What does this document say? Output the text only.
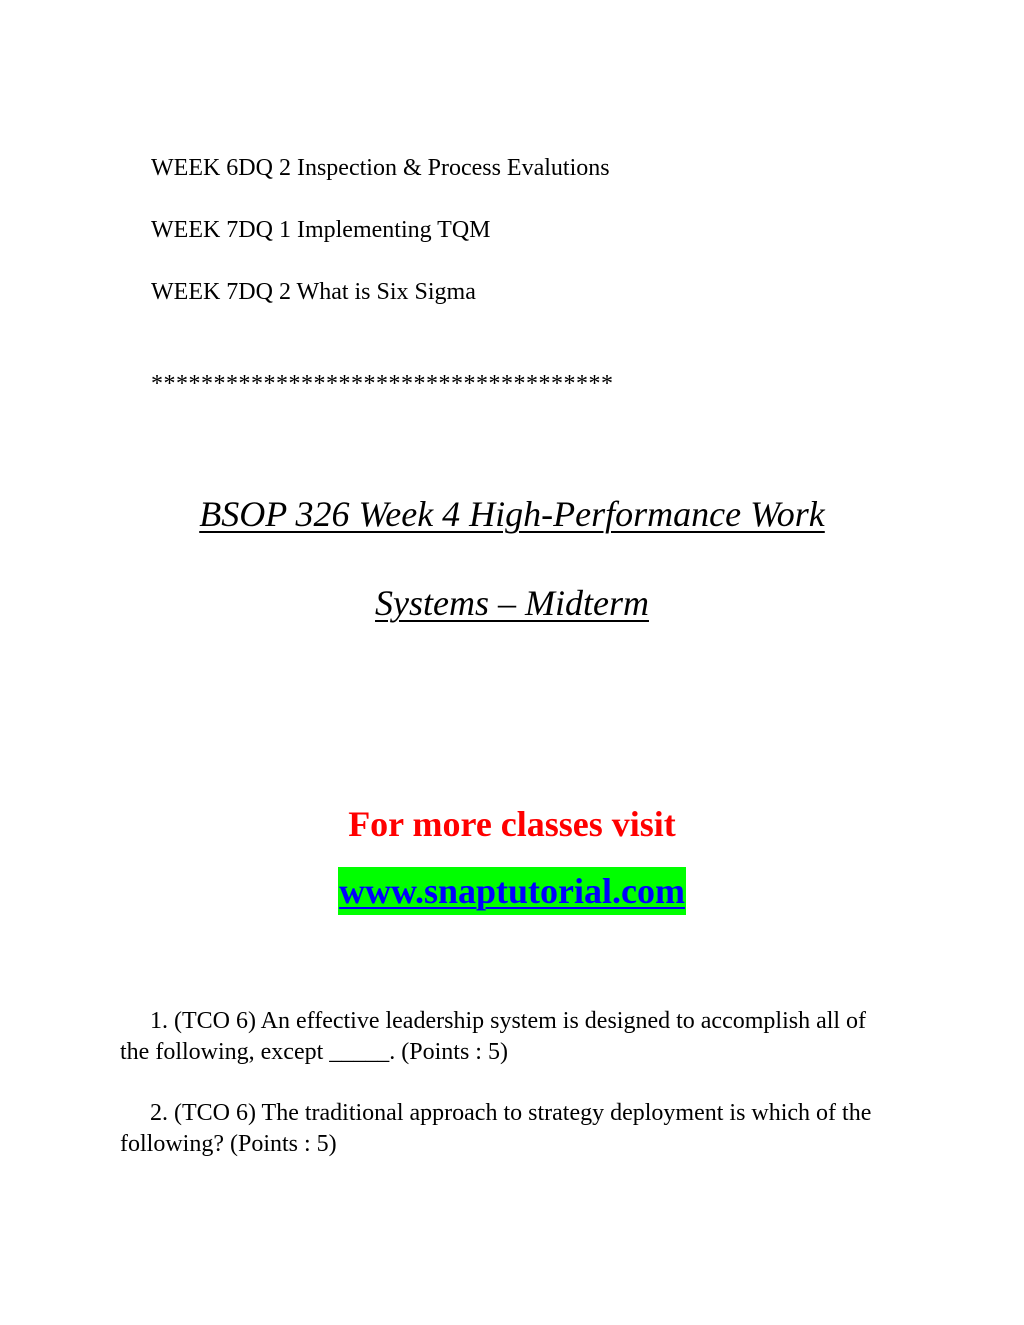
WEEK 6DQ 2 Inspection & Process Evalutions
WEEK 7DQ 1 Implementing TQM
WEEK 7DQ 2 What is Six Sigma
*************************************
BSOP 326 Week 4 High-Performance Work
Systems – Midterm
For more classes visit
www.snaptutorial.com
1. (TCO 6) An effective leadership system is designed to accomplish all of the following, except _____. (Points : 5)
2. (TCO 6) The traditional approach to strategy deployment is which of the following? (Points : 5)
